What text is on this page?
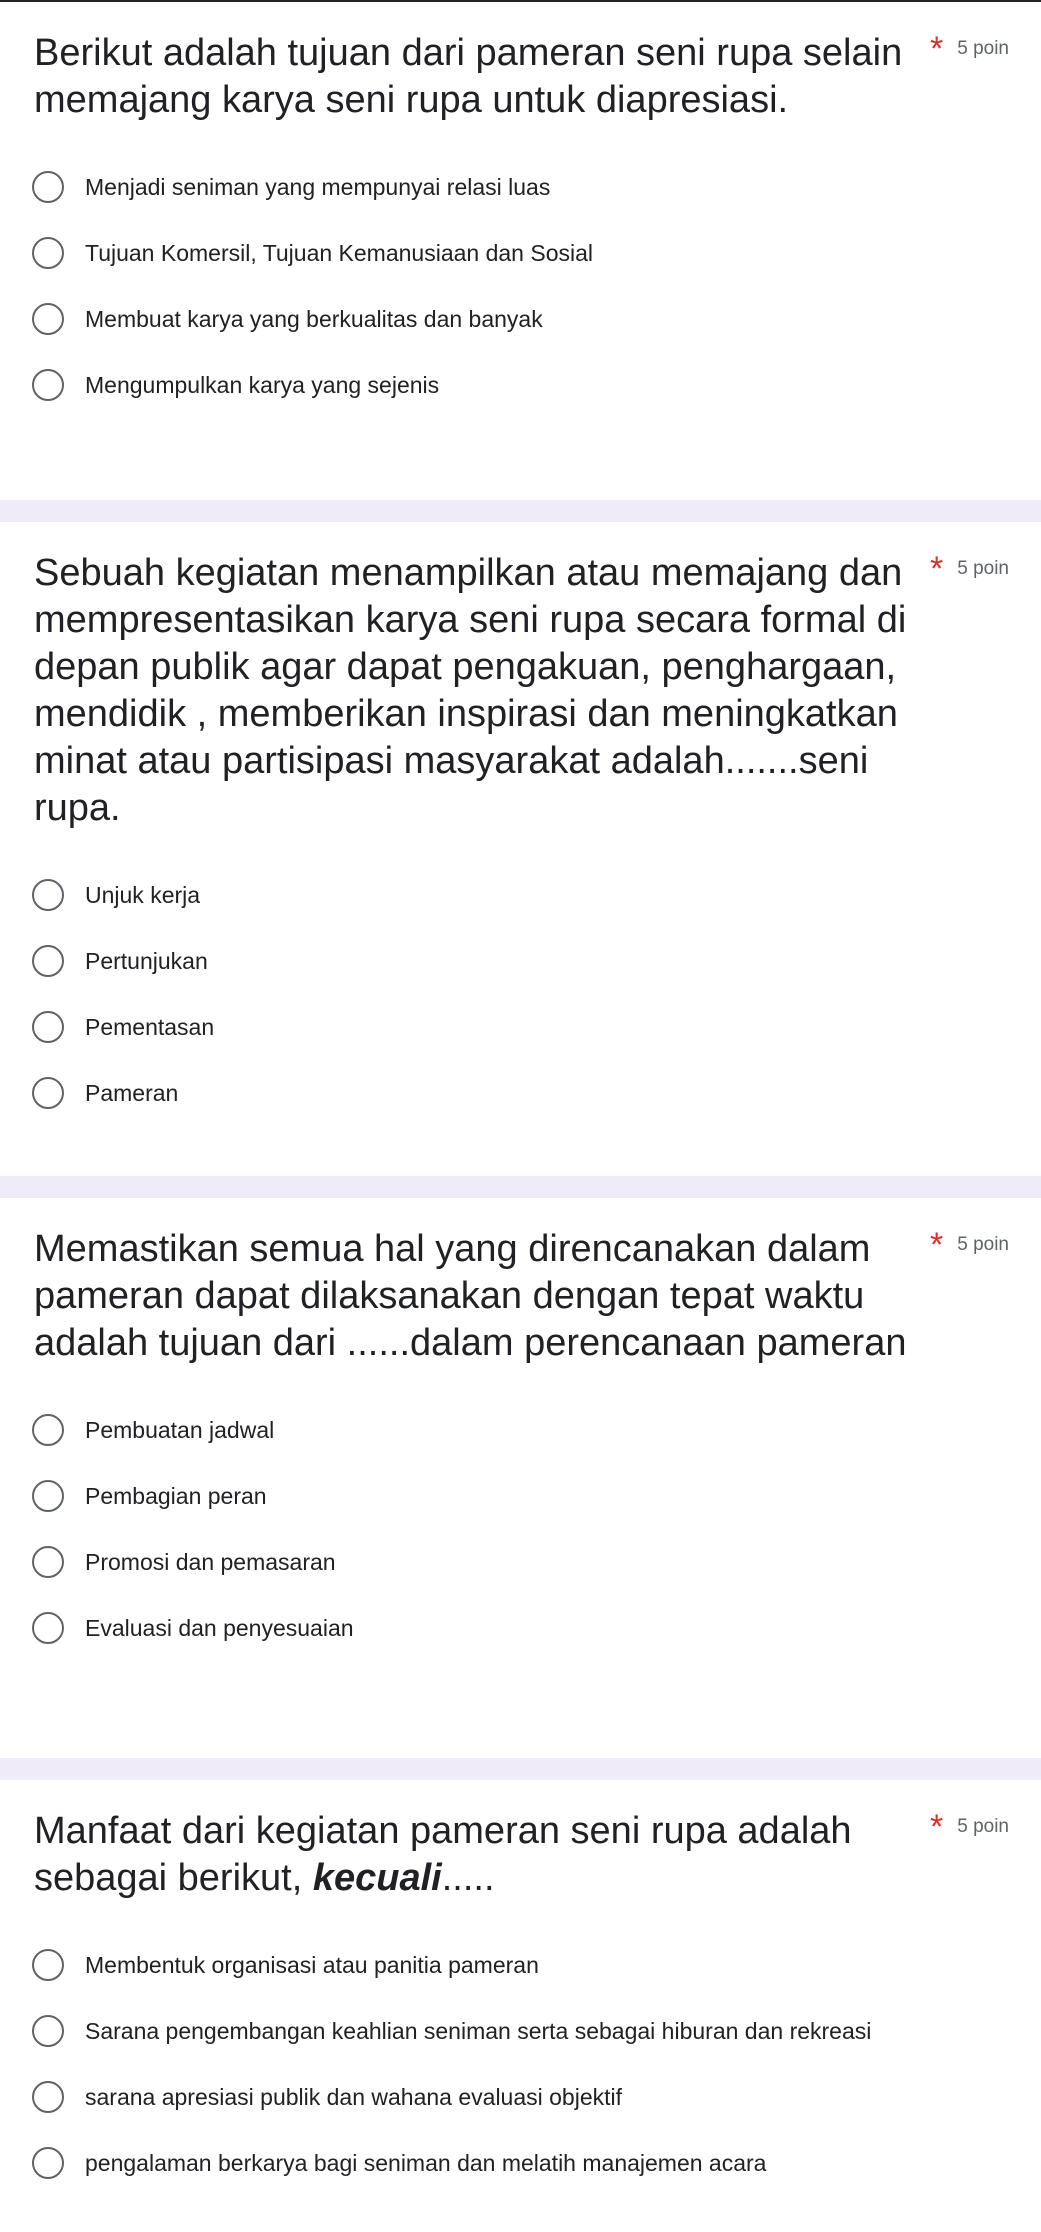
Berikut adalah tujuan dari pameran seni rupa selain memajang karya seni rupa untuk diapresiasi.
* 5 poin
Menjadi seniman yang mempunyai relasi luas
Tujuan Komersil, Tujuan Kemanusiaan dan Sosial
Membuat karya yang berkualitas dan banyak
Mengumpulkan karya yang sejenis
Sebuah kegiatan menampilkan atau memajang dan mempresentasikan karya seni rupa secara formal di depan publik agar dapat pengakuan, penghargaan, mendidik , memberikan inspirasi dan meningkatkan minat atau partisipasi masyarakat adalah.......seni rupa.
* 5 poin
Unjuk kerja
Pertunjukan
Pementasan
Pameran
Memastikan semua hal yang direncanakan dalam pameran dapat dilaksanakan dengan tepat waktu adalah tujuan dari ......dalam perencanaan pameran
* 5 poin
Pembuatan jadwal
Pembagian peran
Promosi dan pemasaran
Evaluasi dan penyesuaian
Manfaat dari kegiatan pameran seni rupa adalah sebagai berikut, kecuali.....
* 5 poin
Membentuk organisasi atau panitia pameran
Sarana pengembangan keahlian seniman serta sebagai hiburan dan rekreasi
sarana apresiasi publik dan wahana evaluasi objektif
pengalaman berkarya bagi seniman dan melatih manajemen acara
